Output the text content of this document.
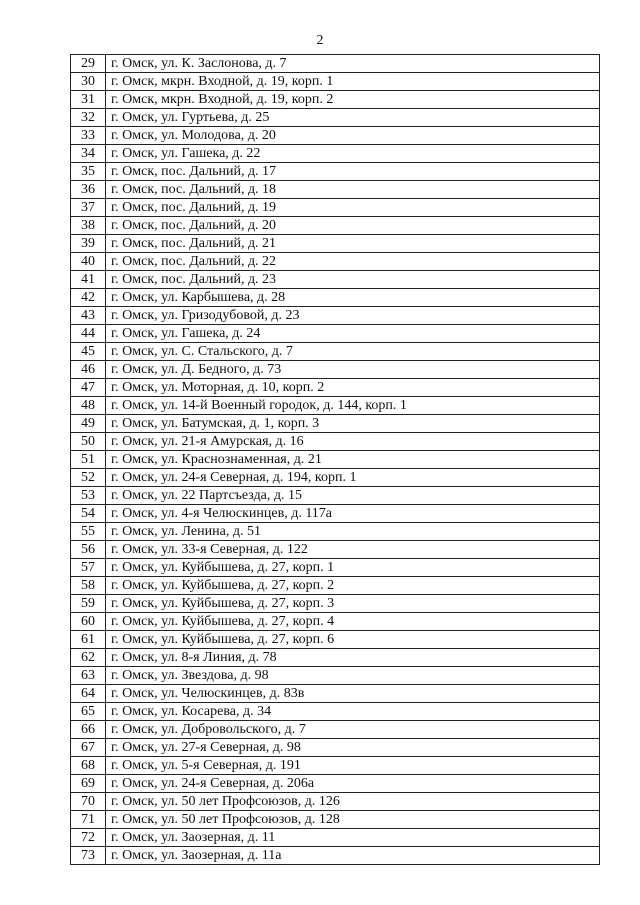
2
29	г. Омск, ул. К. Заслонова, д. 7
30	г. Омск, мкрн. Входной, д. 19, корп. 1
31	г. Омск, мкрн. Входной, д. 19, корп. 2
32	г. Омск, ул. Гуртьева, д. 25
33	г. Омск, ул. Молодова, д. 20
34	г. Омск, ул. Гашека, д. 22
35	г. Омск, пос. Дальний, д. 17
36	г. Омск, пос. Дальний, д. 18
37	г. Омск, пос. Дальний, д. 19
38	г. Омск, пос. Дальний, д. 20
39	г. Омск, пос. Дальний, д. 21
40	г. Омск, пос. Дальний, д. 22
41	г. Омск, пос. Дальний, д. 23
42	г. Омск, ул. Карбышева, д. 28
43	г. Омск, ул. Гризодубовой, д. 23
44	г. Омск, ул. Гашека, д. 24
45	г. Омск, ул. С. Стальского, д. 7
46	г. Омск, ул. Д. Бедного, д. 73
47	г. Омск, ул. Моторная, д. 10, корп. 2
48	г. Омск, ул. 14-й Военный городок, д. 144, корп. 1
49	г. Омск, ул. Батумская, д. 1, корп. 3
50	г. Омск, ул. 21-я Амурская, д. 16
51	г. Омск, ул. Краснознаменная, д. 21
52	г. Омск, ул. 24-я Северная, д. 194, корп. 1
53	г. Омск, ул. 22 Партсъезда, д. 15
54	г. Омск, ул. 4-я Челюскинцев, д. 117а
55	г. Омск, ул. Ленина, д. 51
56	г. Омск, ул. 33-я Северная, д. 122
57	г. Омск, ул. Куйбышева, д. 27, корп. 1
58	г. Омск, ул. Куйбышева, д. 27, корп. 2
59	г. Омск, ул. Куйбышева, д. 27, корп. 3
60	г. Омск, ул. Куйбышева, д. 27, корп. 4
61	г. Омск, ул. Куйбышева, д. 27, корп. 6
62	г. Омск, ул. 8-я Линия, д. 78
63	г. Омск, ул. Звездова, д. 98
64	г. Омск, ул. Челюскинцев, д. 83в
65	г. Омск, ул. Косарева, д. 34
66	г. Омск, ул. Добровольского, д. 7
67	г. Омск, ул. 27-я Северная, д. 98
68	г. Омск, ул. 5-я Северная, д. 191
69	г. Омск, ул. 24-я Северная, д. 206а
70	г. Омск, ул. 50 лет Профсоюзов, д. 126
71	г. Омск, ул. 50 лет Профсоюзов, д. 128
72	г. Омск, ул. Заозерная, д. 11
73	г. Омск, ул. Заозерная, д. 11а
